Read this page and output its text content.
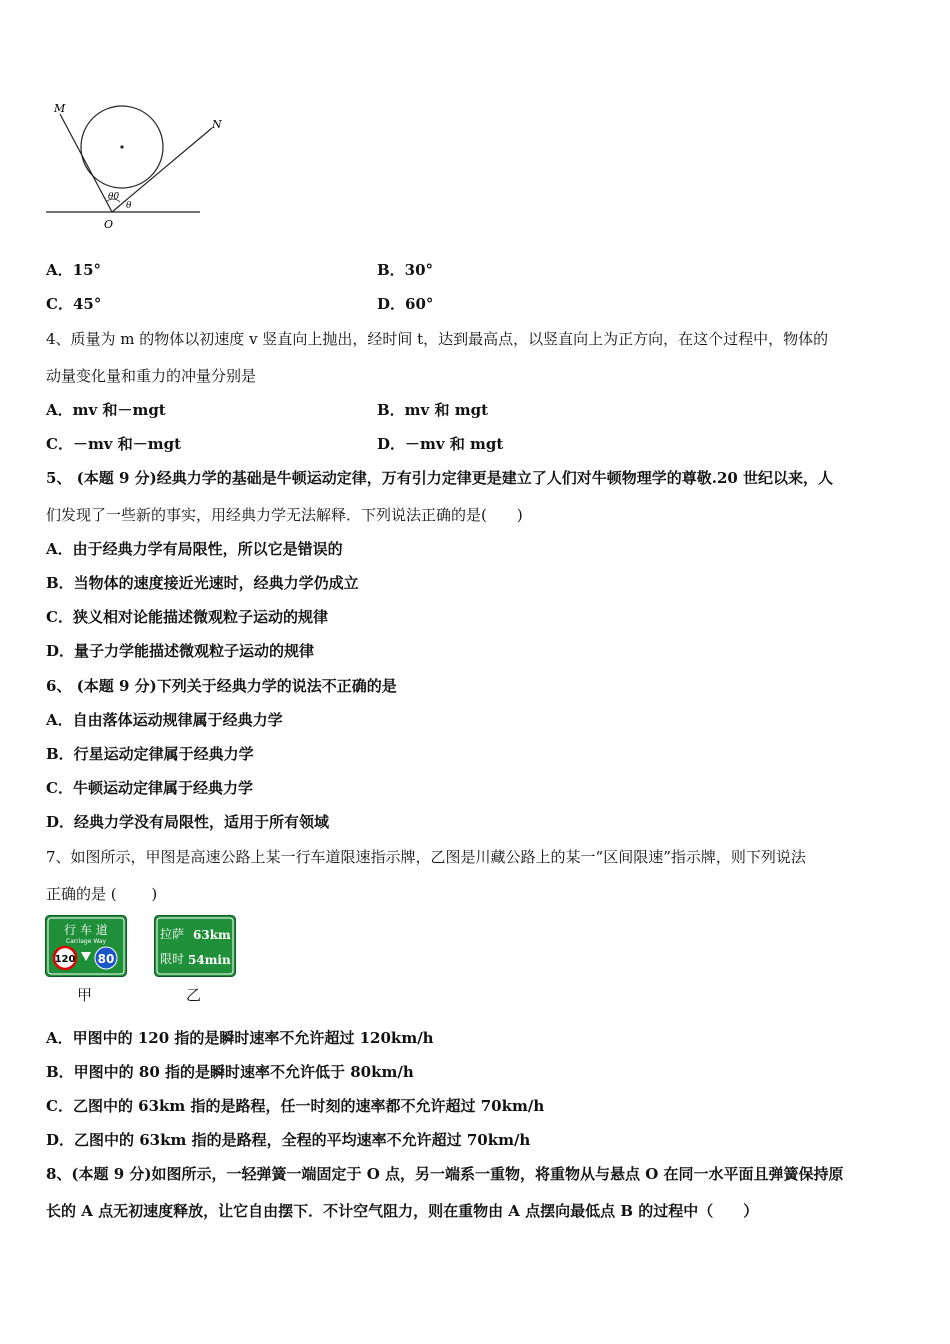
M
N
O
θ0
θ
A．15°	B．30°
C．45°	D．60°
4、质量为 m 的物体以初速度 v 竖直向上抛出，经时间 t，达到最高点，以竖直向上为正方向，在这个过程中，物体的
动量变化量和重力的冲量分别是
A．mv 和－mgt	B．mv 和 mgt
C．－mv 和－mgt	D．－mv 和 mgt
5、 (本题 9 分)经典力学的基础是牛顿运动定律，万有引力定律更是建立了人们对牛顿物理学的尊敬.20 世纪以来，人
们发现了一些新的事实，用经典力学无法解释．下列说法正确的是(　　)
A．由于经典力学有局限性，所以它是错误的
B．当物体的速度接近光速时，经典力学仍成立
C．狭义相对论能描述微观粒子运动的规律
D．量子力学能描述微观粒子运动的规律
6、 (本题 9 分)下列关于经典力学的说法不正确的是
A．自由落体运动规律属于经典力学
B．行星运动定律属于经典力学
C．牛顿运动定律属于经典力学
D．经典力学没有局限性，适用于所有领域
7、如图所示，甲图是高速公路上某一行车道限速指示牌，乙图是川藏公路上的某一“区间限速”指示牌，则下列说法
正确的是 (　　 )
行 车 道
Carriage Way
120 80
甲
拉萨 63km
限时 54min
乙
A．甲图中的 120 指的是瞬时速率不允许超过 120km/h
B．甲图中的 80 指的是瞬时速率不允许低于 80km/h
C．乙图中的 63km 指的是路程，任一时刻的速率都不允许超过 70km/h
D．乙图中的 63km 指的是路程，全程的平均速率不允许超过 70km/h
8、(本题 9 分)如图所示，一轻弹簧一端固定于 O 点，另一端系一重物，将重物从与悬点 O 在同一水平面且弹簧保持原
长的 A 点无初速度释放，让它自由摆下．不计空气阻力，则在重物由 A 点摆向最低点 B 的过程中（　　）
